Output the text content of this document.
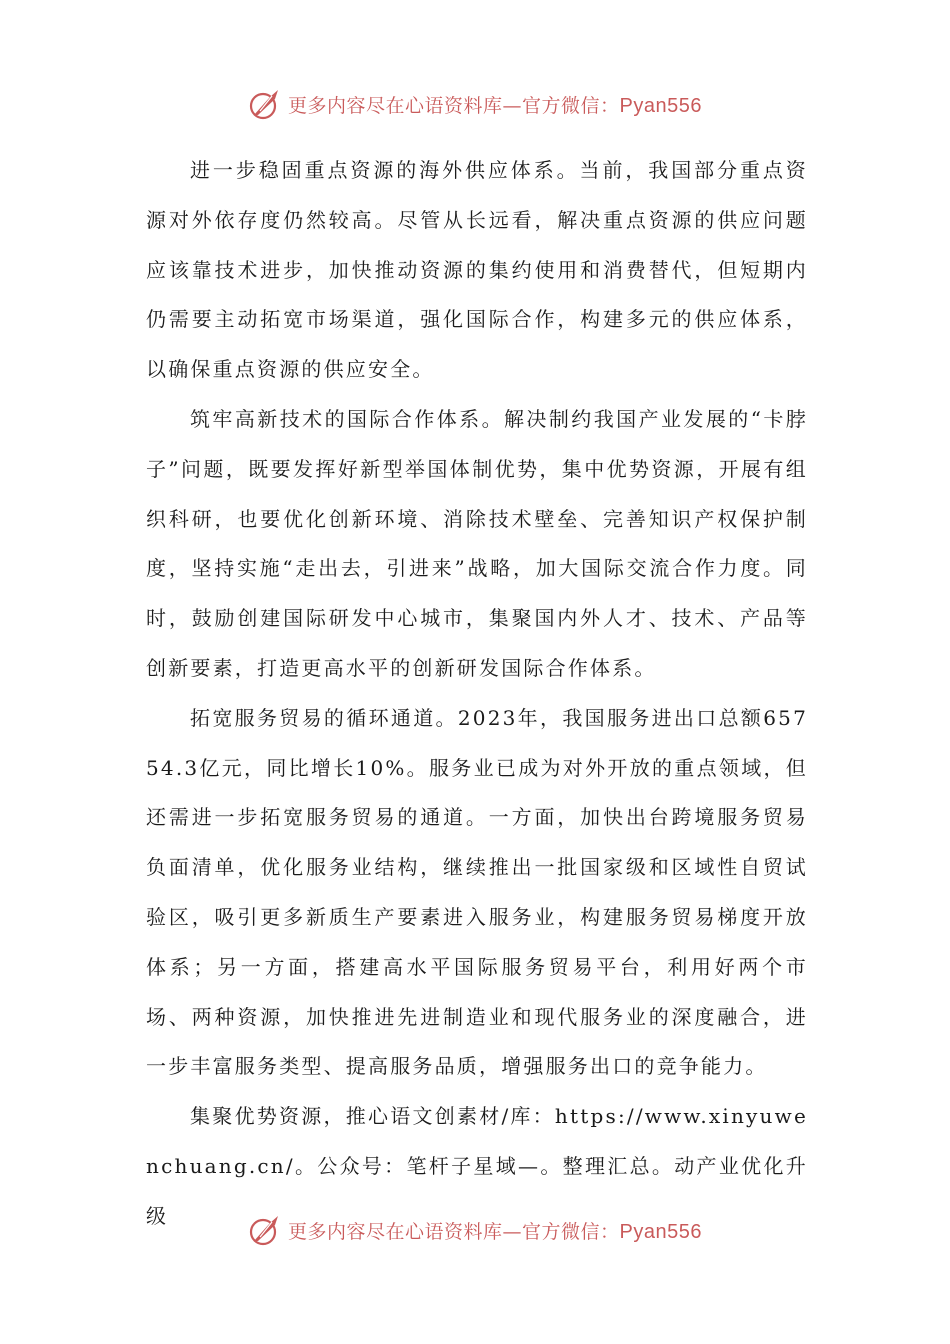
更多内容尽在心语资料库—官方微信：Pyan556

进一步稳固重点资源的海外供应体系。当前，我国部分重点资源对外依存度仍然较高。尽管从长远看，解决重点资源的供应问题应该靠技术进步，加快推动资源的集约使用和消费替代，但短期内仍需要主动拓宽市场渠道，强化国际合作，构建多元的供应体系，以确保重点资源的供应安全。

筑牢高新技术的国际合作体系。解决制约我国产业发展的“卡脖子”问题，既要发挥好新型举国体制优势，集中优势资源，开展有组织科研，也要优化创新环境、消除技术壁垒、完善知识产权保护制度，坚持实施“走出去，引进来”战略，加大国际交流合作力度。同时，鼓励创建国际研发中心城市，集聚国内外人才、技术、产品等创新要素，打造更高水平的创新研发国际合作体系。

拓宽服务贸易的循环通道。2023年，我国服务进出口总额65754.3亿元，同比增长10%。服务业已成为对外开放的重点领域，但还需进一步拓宽服务贸易的通道。一方面，加快出台跨境服务贸易负面清单，优化服务业结构，继续推出一批国家级和区域性自贸试验区，吸引更多新质生产要素进入服务业，构建服务贸易梯度开放体系；另一方面，搭建高水平国际服务贸易平台，利用好两个市场、两种资源，加快推进先进制造业和现代服务业的深度融合，进一步丰富服务类型、提高服务品质，增强服务出口的竞争能力。

集聚优势资源，推心语文创素材/库：https://www.xinyuwenchuang.cn/。公众号：笔杆子星域—。整理汇总。动产业优化升级

更多内容尽在心语资料库—官方微信：Pyan556
